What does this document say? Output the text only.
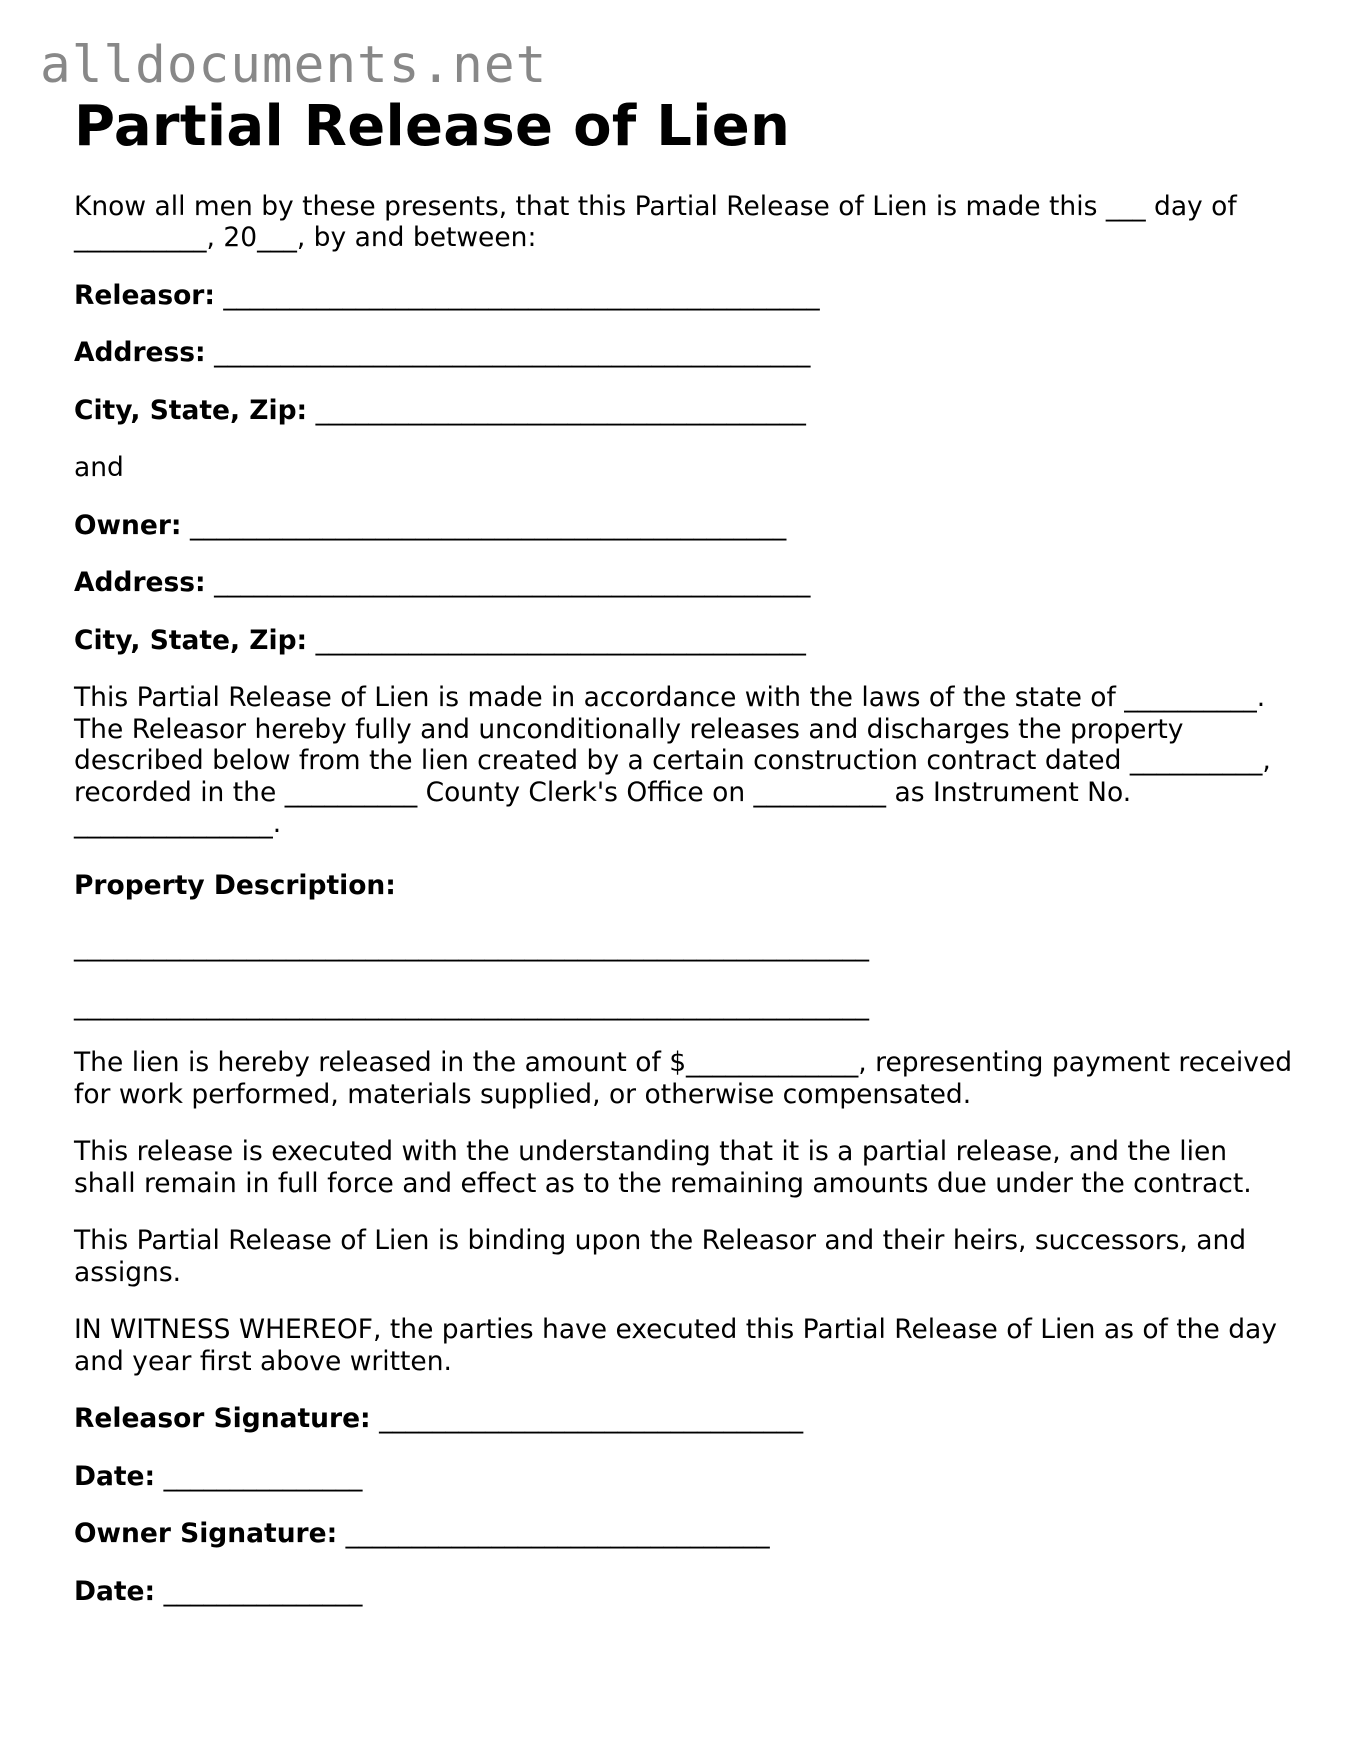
alldocuments.net
Partial Release of Lien

Know all men by these presents, that this Partial Release of Lien is made this ___ day of __________, 20___, by and between:

Releasor: _____________________________________________

Address: _____________________________________________

City, State, Zip: _____________________________________

and

Owner: _____________________________________________

Address: _____________________________________________

City, State, Zip: _____________________________________

This Partial Release of Lien is made in accordance with the laws of the state of __________. The Releasor hereby fully and unconditionally releases and discharges the property described below from the lien created by a certain construction contract dated __________, recorded in the __________ County Clerk's Office on __________ as Instrument No. _______________.

Property Description:

____________________________________________________________

____________________________________________________________

The lien is hereby released in the amount of $_____________, representing payment received for work performed, materials supplied, or otherwise compensated.

This release is executed with the understanding that it is a partial release, and the lien shall remain in full force and effect as to the remaining amounts due under the contract.

This Partial Release of Lien is binding upon the Releasor and their heirs, successors, and assigns.

IN WITNESS WHEREOF, the parties have executed this Partial Release of Lien as of the day and year first above written.

Releasor Signature: ________________________________

Date: _______________

Owner Signature: ________________________________

Date: _______________
